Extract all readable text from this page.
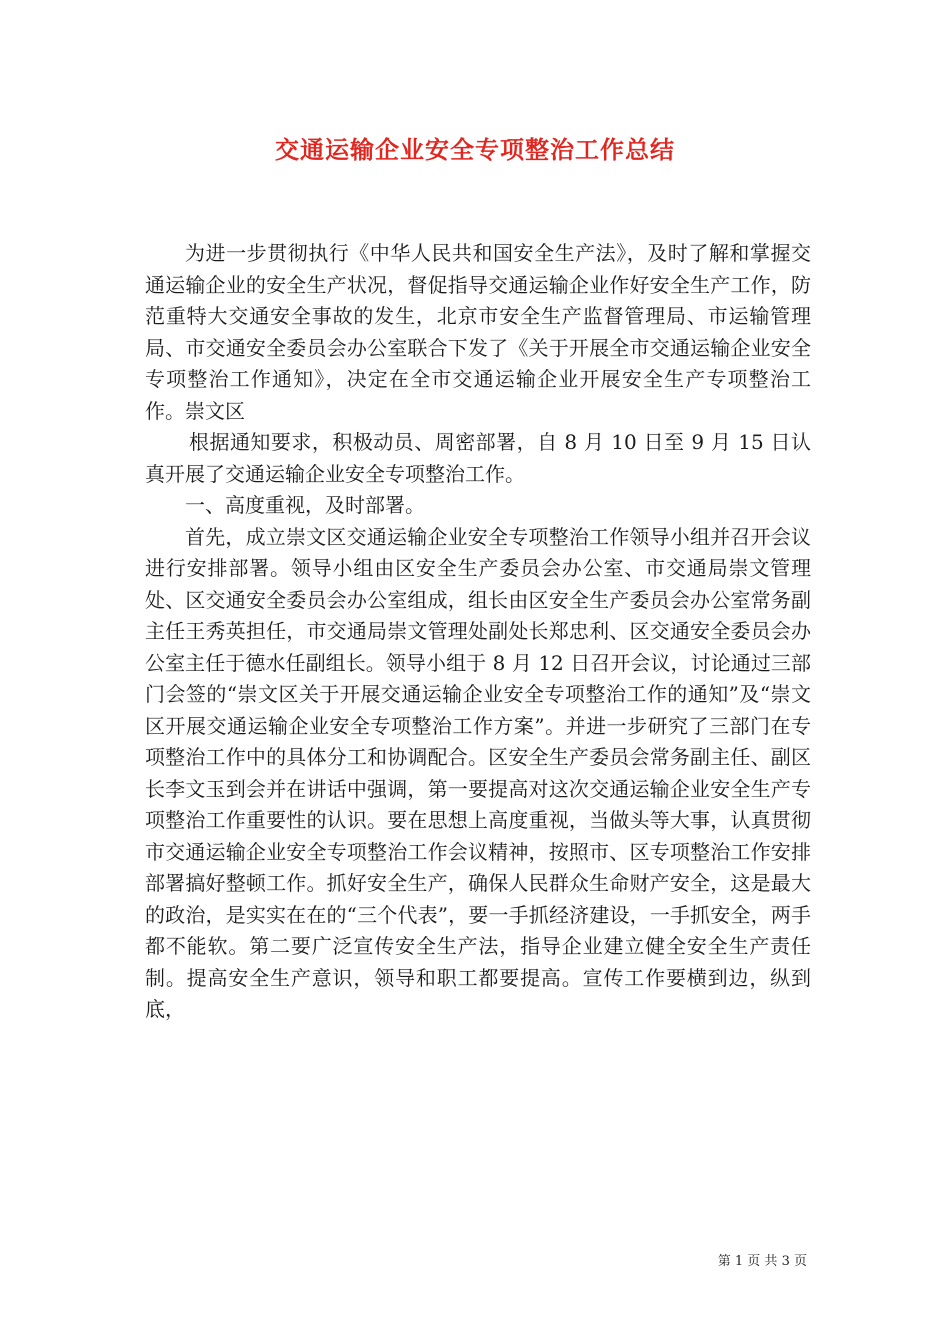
交通运输企业安全专项整治工作总结

为进一步贯彻执行《中华人民共和国安全生产法》，及时了解和掌握交通运输企业的安全生产状况，督促指导交通运输企业作好安全生产工作，防范重特大交通安全事故的发生，北京市安全生产监督管理局、市运输管理局、市交通安全委员会办公室联合下发了《关于开展全市交通运输企业安全专项整治工作通知》，决定在全市交通运输企业开展安全生产专项整治工作。崇文区

根据通知要求，积极动员、周密部署，自 8 月 10 日至 9 月 15 日认真开展了交通运输企业安全专项整治工作。

一、高度重视，及时部署。

首先，成立崇文区交通运输企业安全专项整治工作领导小组并召开会议进行安排部署。领导小组由区安全生产委员会办公室、市交通局崇文管理处、区交通安全委员会办公室组成，组长由区安全生产委员会办公室常务副主任王秀英担任，市交通局崇文管理处副处长郑忠利、区交通安全委员会办公室主任于德水任副组长。领导小组于 8 月 12 日召开会议，讨论通过三部门会签的“崇文区关于开展交通运输企业安全专项整治工作的通知”及“崇文区开展交通运输企业安全专项整治工作方案”。并进一步研究了三部门在专项整治工作中的具体分工和协调配合。区安全生产委员会常务副主任、副区长李文玉到会并在讲话中强调，第一要提高对这次交通运输企业安全生产专项整治工作重要性的认识。要在思想上高度重视，当做头等大事，认真贯彻市交通运输企业安全专项整治工作会议精神，按照市、区专项整治工作安排部署搞好整顿工作。抓好安全生产，确保人民群众生命财产安全，这是最大的政治，是实实在在的“三个代表”，要一手抓经济建设，一手抓安全，两手都不能软。第二要广泛宣传安全生产法，指导企业建立健全安全生产责任制。提高安全生产意识，领导和职工都要提高。宣传工作要横到边，纵到底，

第 1 页 共 3 页
